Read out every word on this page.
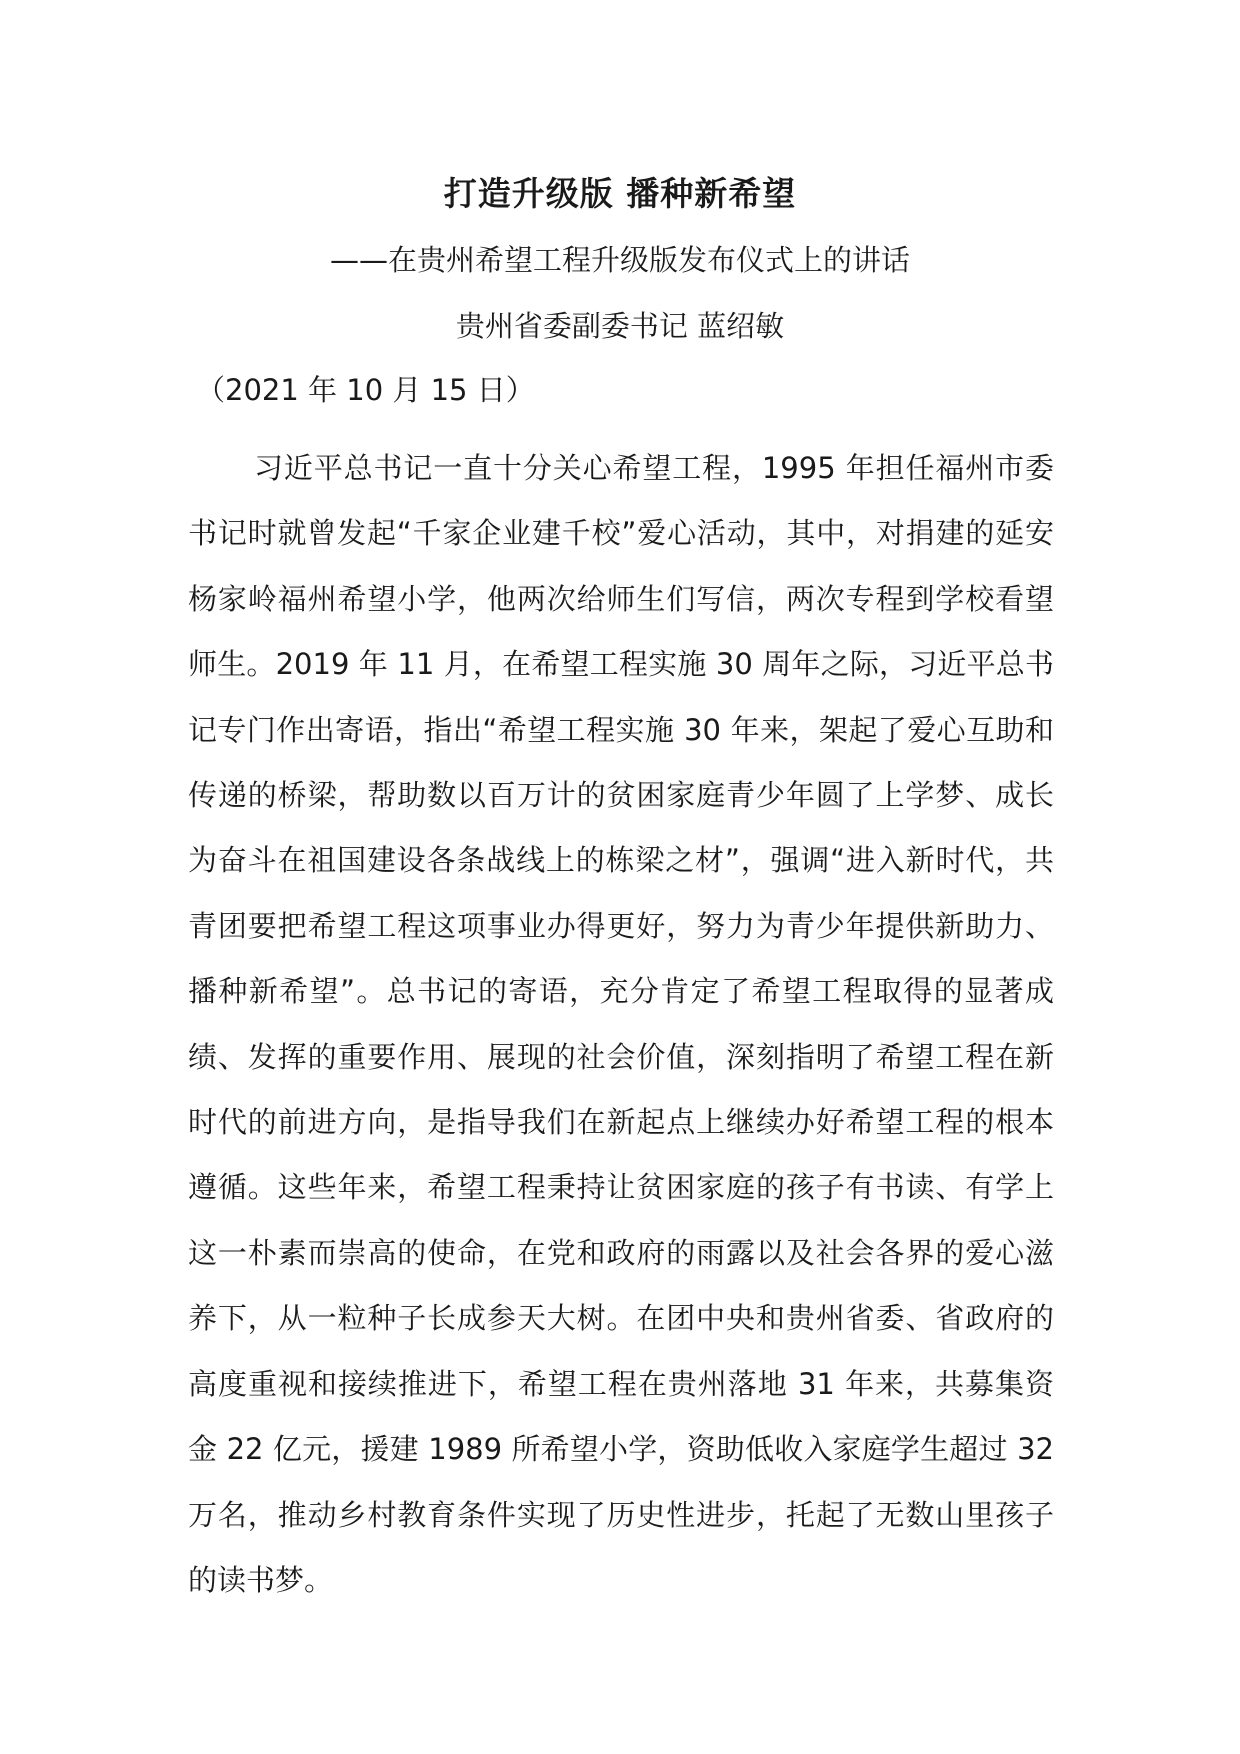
打造升级版 播种新希望
——在贵州希望工程升级版发布仪式上的讲话
贵州省委副委书记 蓝绍敏
（2021 年 10 月 15 日）

习近平总书记一直十分关心希望工程，1995 年担任福州市委书记时就曾发起“千家企业建千校”爱心活动，其中，对捐建的延安杨家岭福州希望小学，他两次给师生们写信，两次专程到学校看望师生。2019 年 11 月，在希望工程实施 30 周年之际，习近平总书记专门作出寄语，指出“希望工程实施 30 年来，架起了爱心互助和传递的桥梁，帮助数以百万计的贫困家庭青少年圆了上学梦、成长为奋斗在祖国建设各条战线上的栋梁之材”，强调“进入新时代，共青团要把希望工程这项事业办得更好，努力为青少年提供新助力、播种新希望”。总书记的寄语，充分肯定了希望工程取得的显著成绩、发挥的重要作用、展现的社会价值，深刻指明了希望工程在新时代的前进方向，是指导我们在新起点上继续办好希望工程的根本遵循。这些年来，希望工程秉持让贫困家庭的孩子有书读、有学上这一朴素而崇高的使命，在党和政府的雨露以及社会各界的爱心滋养下，从一粒种子长成参天大树。在团中央和贵州省委、省政府的高度重视和接续推进下，希望工程在贵州落地 31 年来，共募集资金 22 亿元，援建 1989 所希望小学，资助低收入家庭学生超过 32 万名，推动乡村教育条件实现了历史性进步，托起了无数山里孩子的读书梦。
